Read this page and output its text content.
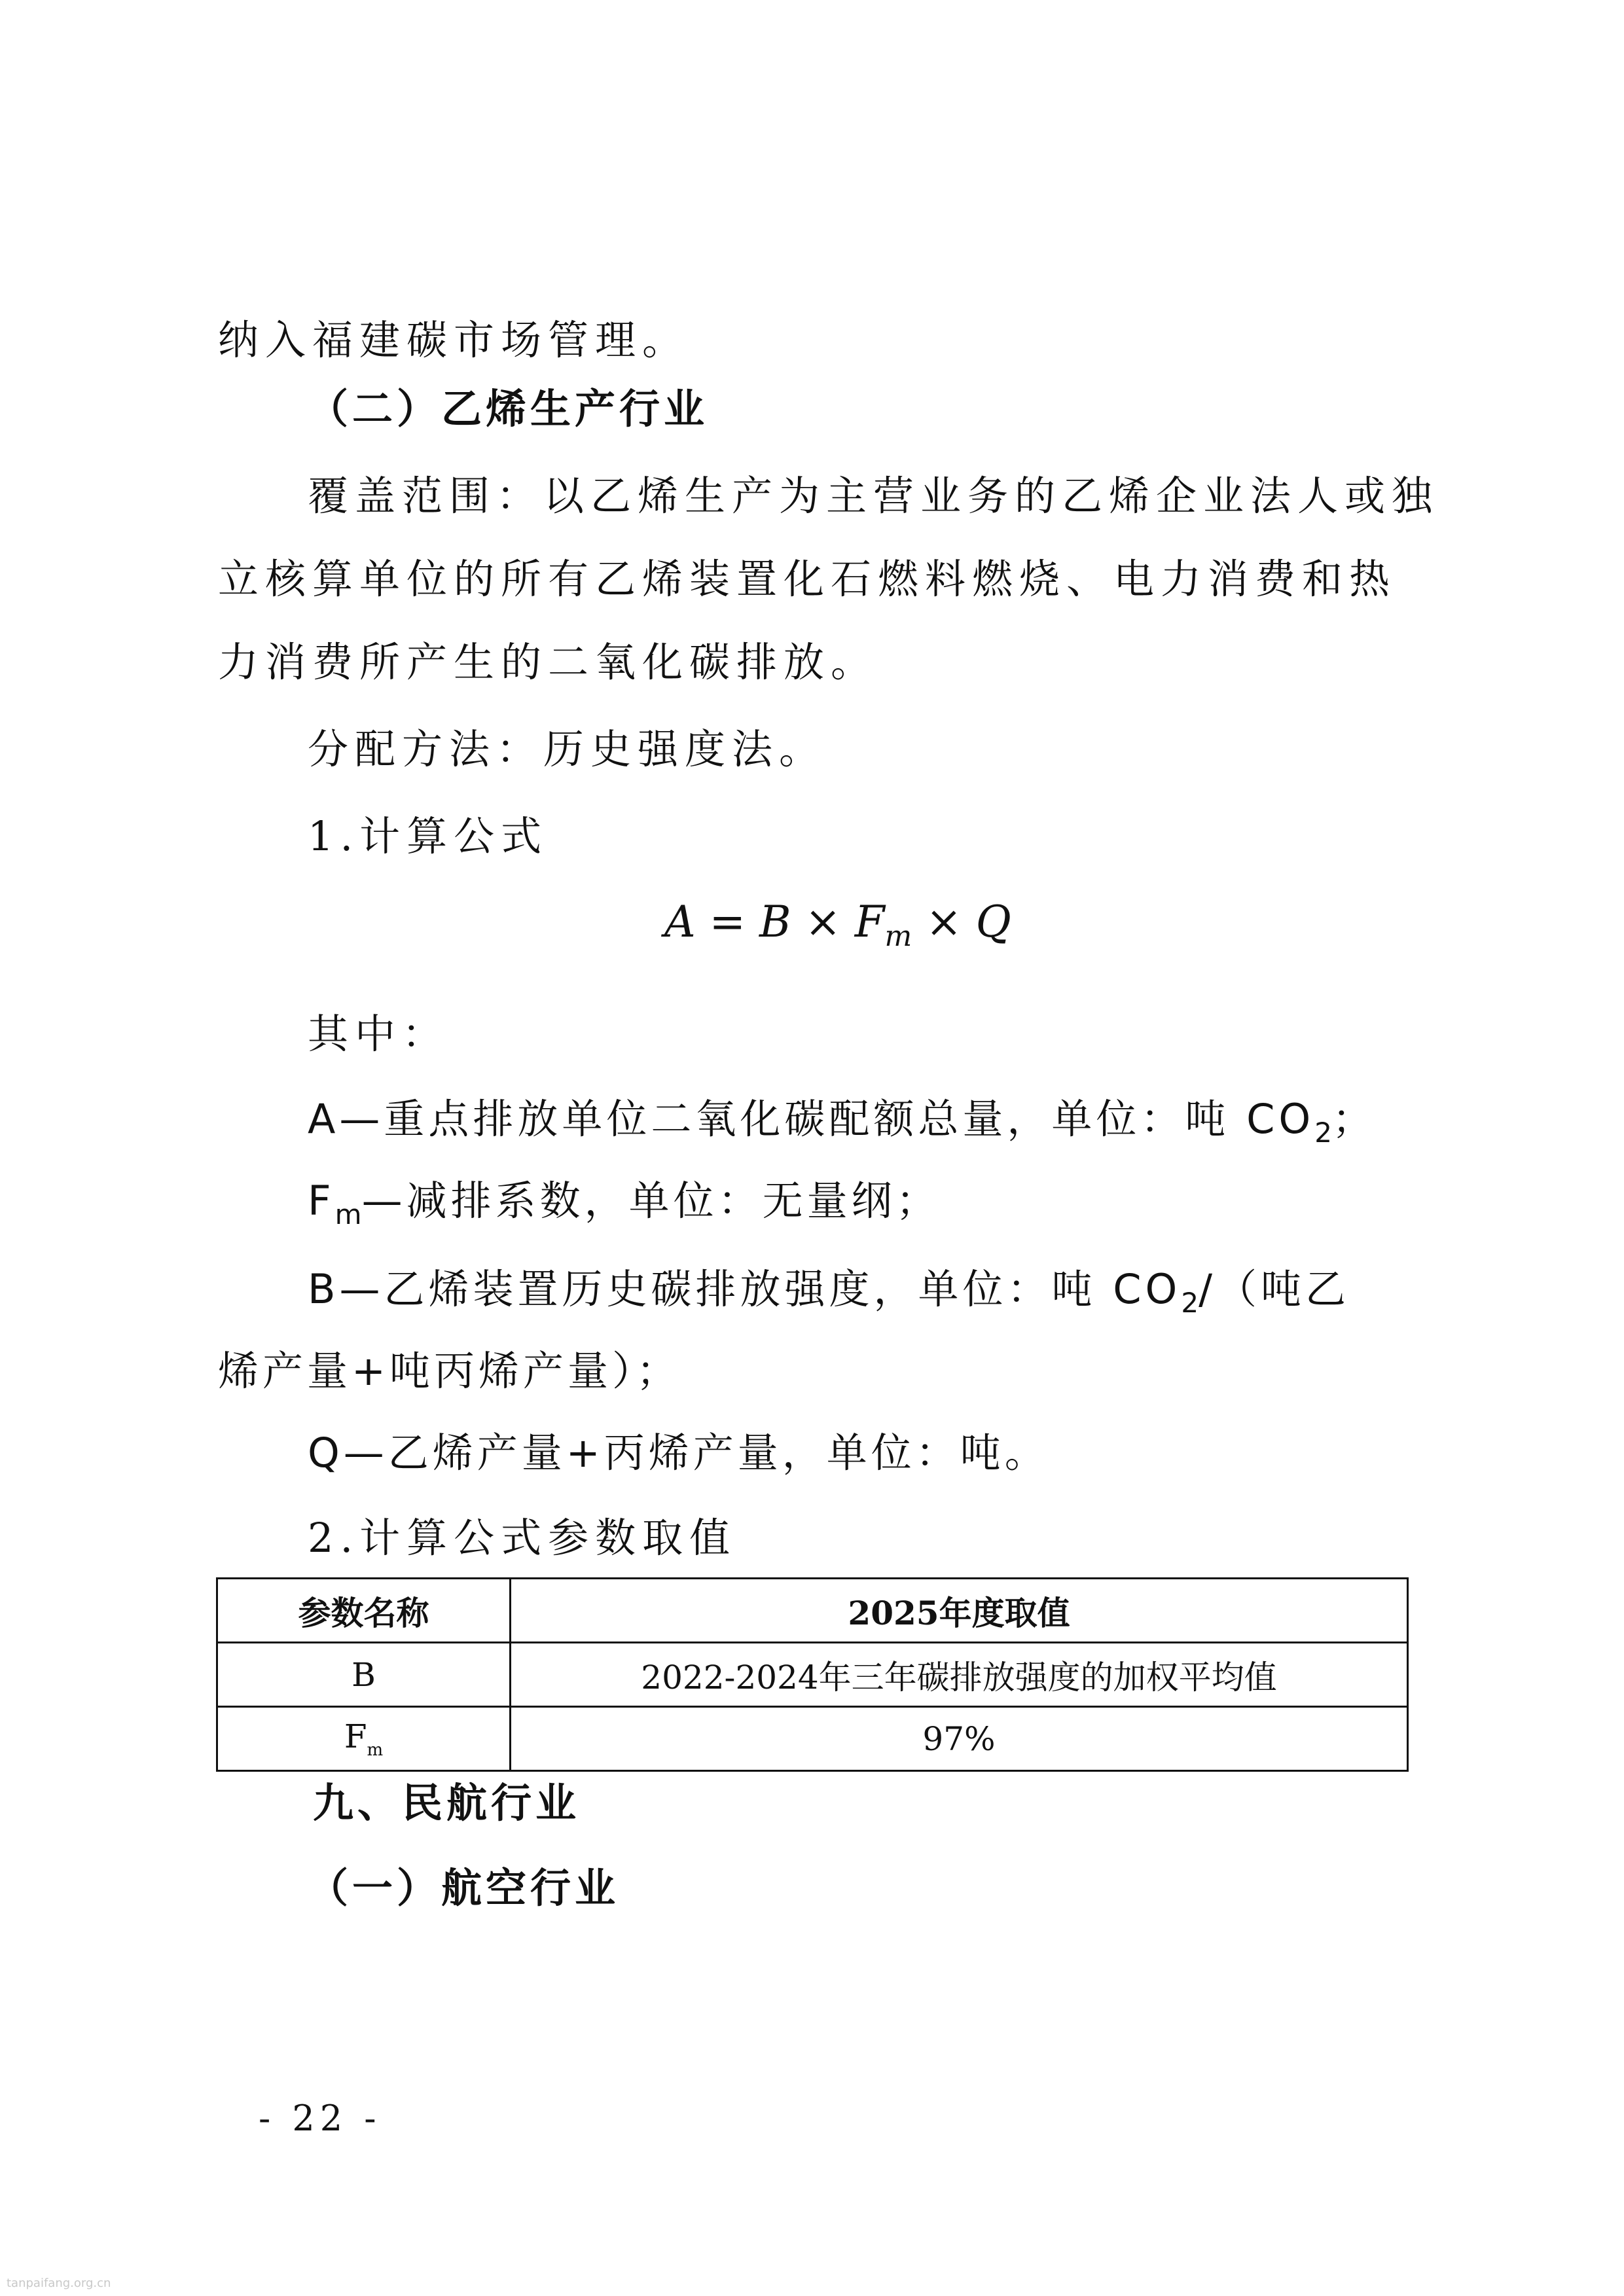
纳入福建碳市场管理。
（二）乙烯生产行业
覆盖范围：以乙烯生产为主营业务的乙烯企业法人或独
立核算单位的所有乙烯装置化石燃料燃烧、电力消费和热
力消费所产生的二氧化碳排放。
分配方法：历史强度法。
1.计算公式
$A = B \times F_m \times Q$
其中：
A—重点排放单位二氧化碳配额总量，单位：吨 $CO_2$；
$F_m—$减排系数，单位：无量纲；
B—乙烯装置历史碳排放强度，单位：吨 $CO_2/$（吨乙
烯产量+吨丙烯产量）；
Q—乙烯产量+丙烯产量，单位：吨。
2.计算公式参数取值
参数名称	2025年度取值
B	2022-2024年三年碳排放强度的加权平均值
$F_m$	97%
九、民航行业
（一）航空行业
- 22 -
tanpaifang.org.cn
